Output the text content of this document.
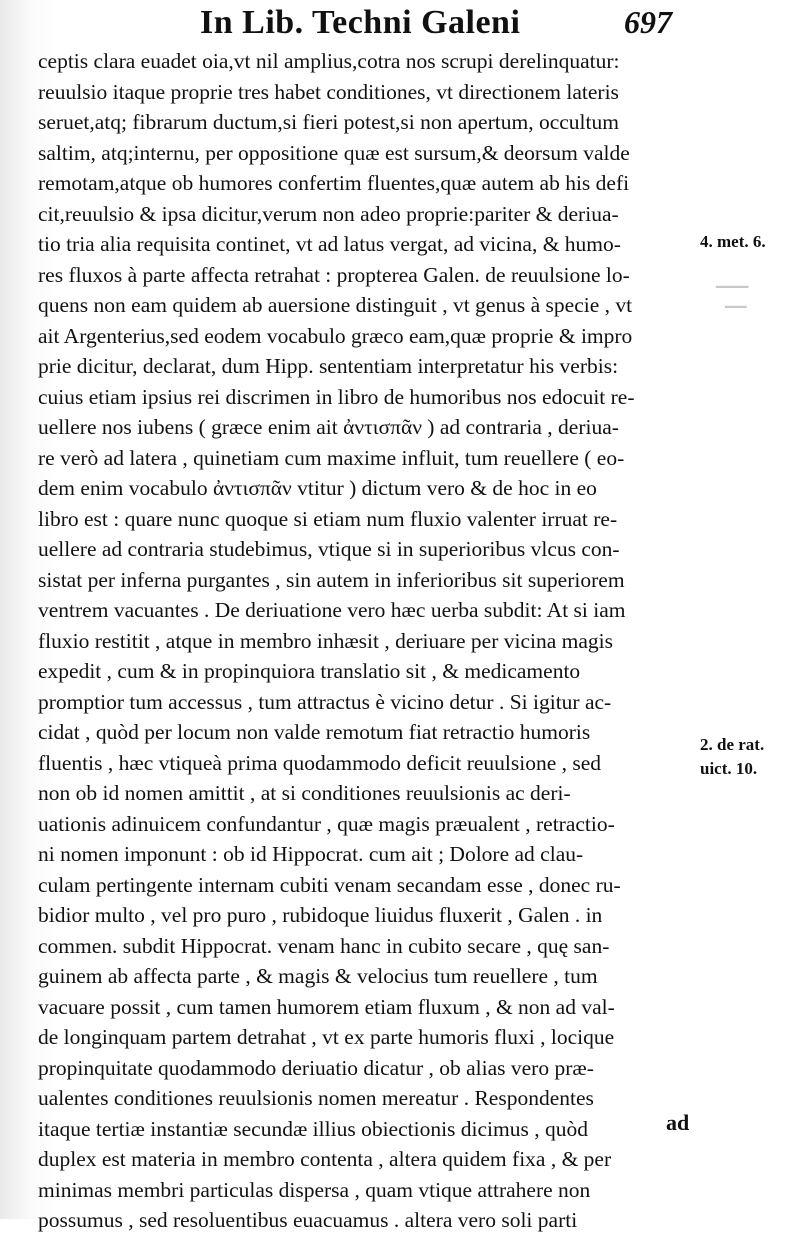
In Lib. Techni Galeni	697
ceptis clara euadet oia,vt nil amplius,cotra nos scrupi derelinquatur:
reuulsio itaque proprie tres habet conditiones, vt directionem lateris
seruet,atq; fibrarum ductum,si fieri potest,si non apertum, occultum
saltim, atq;internu, per oppositione quæ est sursum,& deorsum valde
remotam,atque ob humores confertim fluentes,quæ autem ab his defi
cit,reuulsio & ipsa dicitur,verum non adeo proprie:pariter & deriua-
tio tria alia requisita continet, vt ad latus vergat, ad vicina, & humo-
res fluxos à parte affecta retrahat : propterea Galen. de reuulsione lo-
quens non eam quidem ab auersione distinguit , vt genus à specie , vt
ait Argenterius,sed eodem vocabulo græco eam,quæ proprie & impro
prie dicitur, declarat, dum Hipp. sententiam interpretatur his verbis:
cuius etiam ipsius rei discrimen in libro de humoribus nos edocuit re-
uellere nos iubens ( græce enim ait ἀντισπᾶν ) ad contraria , deriua-
re verò ad latera , quinetiam cum maxime influit, tum reuellere ( eo-
dem enim vocabulo ἀντισπᾶν vtitur ) dictum vero & de hoc in eo
libro est : quare nunc quoque si etiam num fluxio valenter irruat re-
uellere ad contraria studebimus, vtique si in superioribus vlcus con-
sistat per inferna purgantes , sin autem in inferioribus sit superiorem
ventrem vacuantes . De deriuatione vero hæc uerba subdit: At si iam
fluxio restitit , atque in membro inhæsit , deriuare per vicina magis
expedit , cum & in propinquiora translatio sit , & medicamento
promptior tum accessus , tum attractus è vicino detur . Si igitur ac-
cidat , quòd per locum non valde remotum fiat retractio humoris
fluentis , hæc vtiqueà prima quodammodo deficit reuulsione , sed
non ob id nomen amittit , at si conditiones reuulsionis ac deri-
uationis adinuicem confundantur , quæ magis præualent , retractio-
ni nomen imponunt : ob id Hippocrat. cum ait ; Dolore ad clau-
culam pertingente internam cubiti venam secandam esse , donec ru-
bidior multo , vel pro puro , rubidoque liuidus fluxerit , Galen . in
commen. subdit Hippocrat. venam hanc in cubito secare , quę san-
guinem ab affecta parte , & magis & velocius tum reuellere , tum
vacuare possit , cum tamen humorem etiam fluxum , & non ad val-
de longinquam partem detrahat , vt ex parte humoris fluxi , locique
propinquitate quodammodo deriuatio dicatur , ob alias vero præ-
ualentes conditiones reuulsionis nomen mereatur . Respondentes
itaque tertiæ instantiæ secundæ illius obiectionis dicimus , quòd
duplex est materia in membro contenta , altera quidem fixa , & per
minimas membri particulas dispersa , quam vtique attrahere non
possumus , sed resoluentibus euacuamus . altera vero soli parti
4. met. 6.
2. de rat.
uict. 10.
▔▔▔
▔▔
ad
